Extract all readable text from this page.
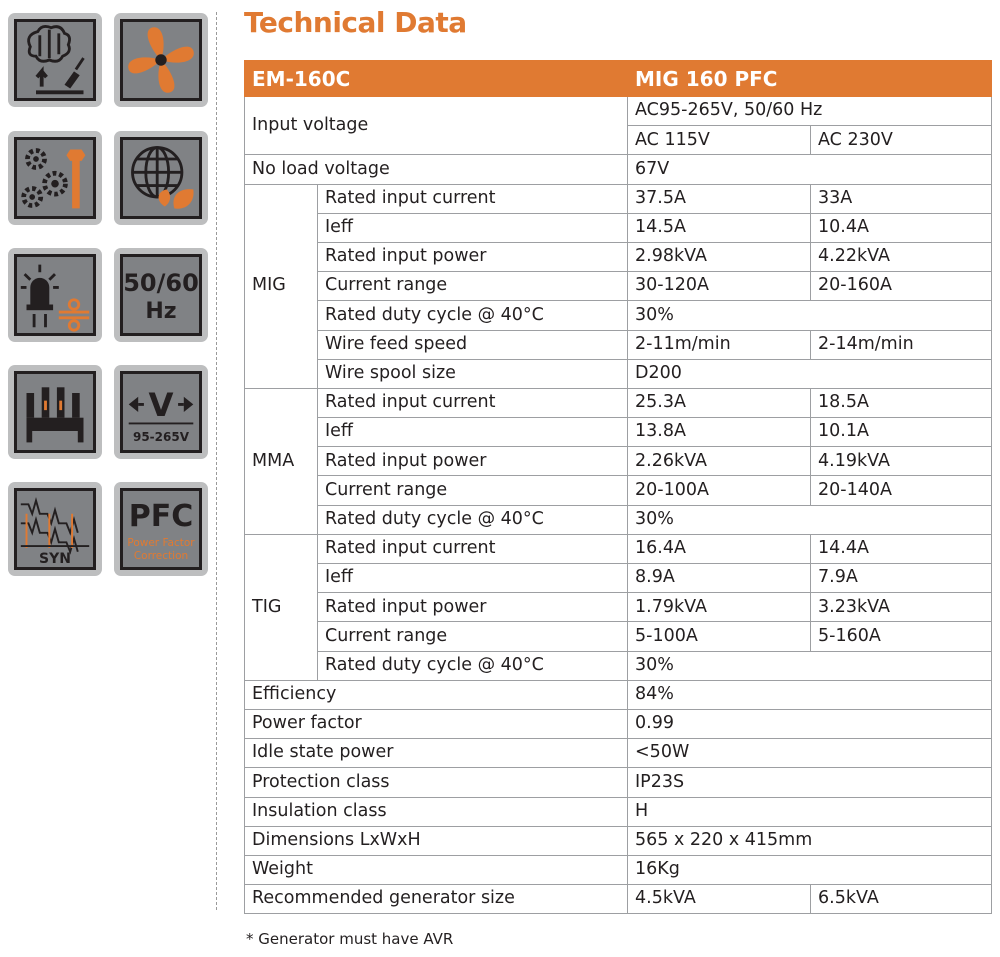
50/60
Hz
V
95-265V
SYN
PFC
Power Factor
Correction
Technical Data
EM-160C		MIG 160 PFC	
Input voltage		AC95-265V, 50/60 Hz	
		AC 115V	AC 230V
No load voltage		67V	
MIG	Rated input current	37.5A	33A
	Ieff	14.5A	10.4A
	Rated input power	2.98kVA	4.22kVA
	Current range	30-120A	20-160A
	Rated duty cycle @ 40°C	30%	
	Wire feed speed	2-11m/min	2-14m/min
	Wire spool size	D200	
MMA	Rated input current	25.3A	18.5A
	Ieff	13.8A	10.1A
	Rated input power	2.26kVA	4.19kVA
	Current range	20-100A	20-140A
	Rated duty cycle @ 40°C	30%	
TIG	Rated input current	16.4A	14.4A
	Ieff	8.9A	7.9A
	Rated input power	1.79kVA	3.23kVA
	Current range	5-100A	5-160A
	Rated duty cycle @ 40°C	30%	
Efficiency		84%	
Power factor		0.99	
Idle state power		<50W	
Protection class		IP23S	
Insulation class		H	
Dimensions LxWxH		565 x 220 x 415mm	
Weight		16Kg	
Recommended generator size		4.5kVA	6.5kVA
* Generator must have AVR
